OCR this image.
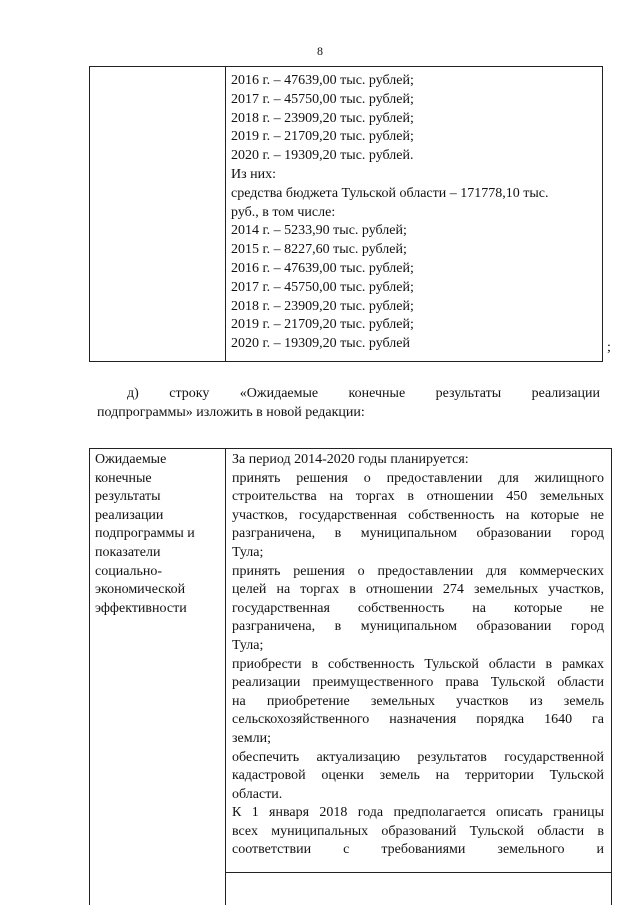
8
2016 г. – 47639,00 тыс. рублей;
2017 г. – 45750,00 тыс. рублей;
2018 г. – 23909,20 тыс. рублей;
2019 г. – 21709,20 тыс. рублей;
2020 г. – 19309,20 тыс. рублей.
Из них:
средства бюджета Тульской области – 171778,10 тыс.
руб., в том числе:
2014 г. – 5233,90 тыс. рублей;
2015 г. – 8227,60 тыс. рублей;
2016 г. – 47639,00 тыс. рублей;
2017 г. – 45750,00 тыс. рублей;
2018 г. – 23909,20 тыс. рублей;
2019 г. – 21709,20 тыс. рублей;
2020 г. – 19309,20 тыс. рублей	;
д) строку «Ожидаемые конечные результаты реализации
подпрограммы» изложить в новой редакции:
Ожидаемые
конечные
результаты
реализации
подпрограммы и
показатели
социально-
экономической
эффективности
За период 2014-2020 годы планируется:
принять решения о предоставлении для жилищного
строительства на торгах в отношении 450 земельных
участков, государственная собственность на которые не
разграничена, в муниципальном образовании город
Тула;
принять решения о предоставлении для коммерческих
целей на торгах в отношении 274 земельных участков,
государственная собственность на которые не
разграничена, в муниципальном образовании город
Тула;
приобрести в собственность Тульской области в рамках
реализации преимущественного права Тульской области
на приобретение земельных участков из земель
сельскохозяйственного назначения порядка 1640 га
земли;
обеспечить актуализацию результатов государственной
кадастровой оценки земель на территории Тульской
области.
К 1 января 2018 года предполагается описать границы
всех муниципальных образований Тульской области в
соответствии с требованиями земельного и
